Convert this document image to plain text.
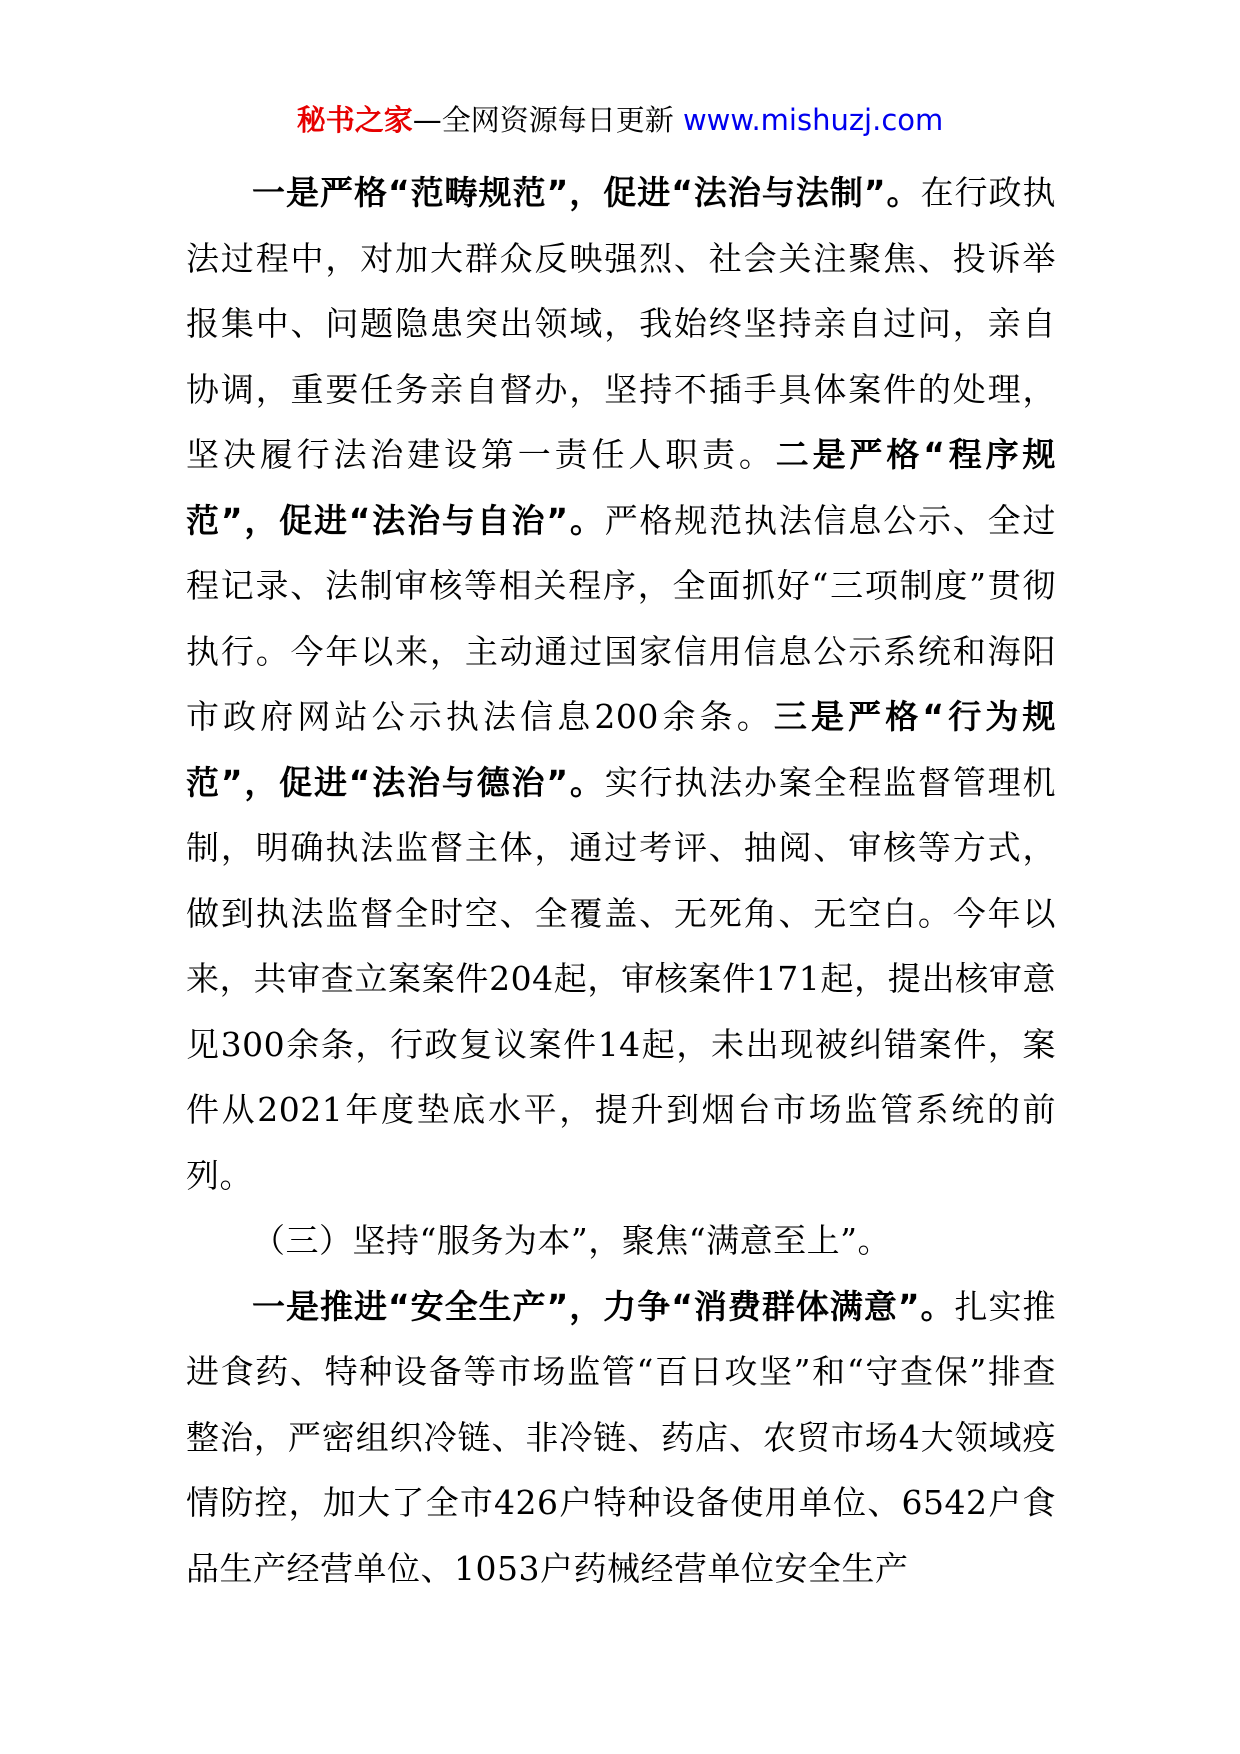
秘书之家—全网资源每日更新 www.mishuzj.com

一是严格“范畴规范”，促进“法治与法制”。在行政执法过程中，对加大群众反映强烈、社会关注聚焦、投诉举报集中、问题隐患突出领域，我始终坚持亲自过问，亲自协调，重要任务亲自督办，坚持不插手具体案件的处理，坚决履行法治建设第一责任人职责。二是严格“程序规范”，促进“法治与自治”。严格规范执法信息公示、全过程记录、法制审核等相关程序，全面抓好“三项制度”贯彻执行。今年以来，主动通过国家信用信息公示系统和海阳市政府网站公示执法信息200余条。三是严格“行为规范”，促进“法治与德治”。实行执法办案全程监督管理机制，明确执法监督主体，通过考评、抽阅、审核等方式，做到执法监督全时空、全覆盖、无死角、无空白。今年以来，共审查立案案件204起，审核案件171起，提出核审意见300余条，行政复议案件14起，未出现被纠错案件，案件从2021年度垫底水平，提升到烟台市场监管系统的前列。

（三）坚持“服务为本”，聚焦“满意至上”。

一是推进“安全生产”，力争“消费群体满意”。扎实推进食药、特种设备等市场监管“百日攻坚”和“守查保”排查整治，严密组织冷链、非冷链、药店、农贸市场4大领域疫情防控，加大了全市426户特种设备使用单位、6542户食品生产经营单位、1053户药械经营单位安全生产
